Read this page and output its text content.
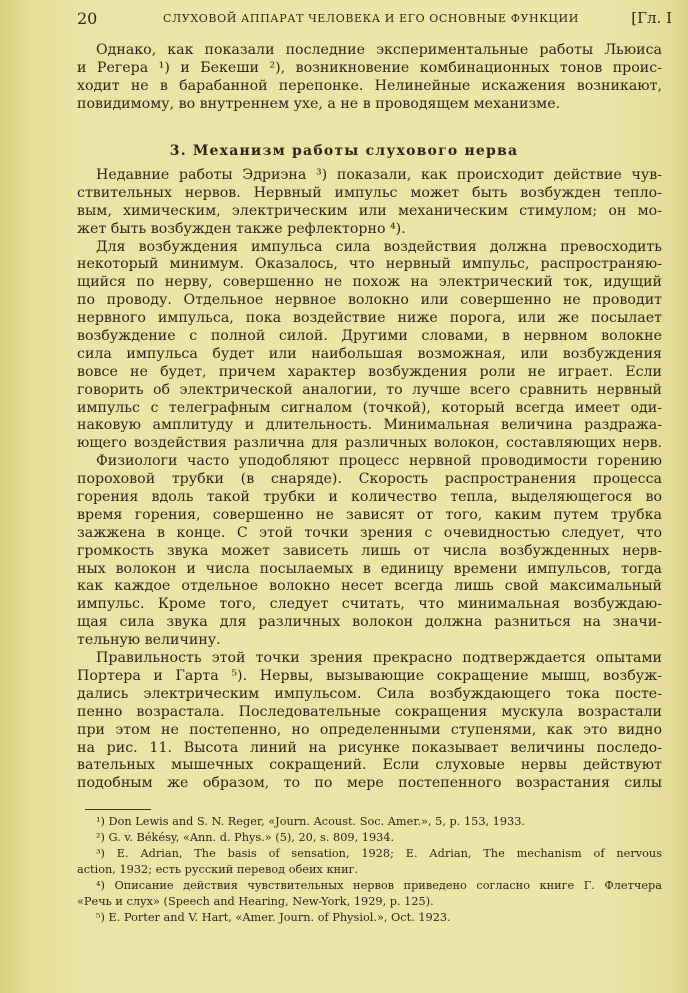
20	СЛУХОВОЙ АППАРАТ ЧЕЛОВЕКА И ЕГО ОСНОВНЫЕ ФУНКЦИИ	[Гл. I
Однако, как показали последние экспериментальные работы Льюиса
и Регера ¹) и Бекеши ²), возникновение комбинационных тонов проис-
ходит не в барабанной перепонке. Нелинейные искажения возникают,
повидимому, во внутреннем ухе, а не в проводящем механизме.
3. Механизм работы слухового нерва
Недавние работы Эдриэна ³) показали, как происходит действие чув-
ствительных нервов. Нервный импульс может быть возбужден тепло-
вым, химическим, электрическим или механическим стимулом; он мо-
жет быть возбужден также рефлекторно ⁴).
Для возбуждения импульса сила воздействия должна превосходить
некоторый минимум. Оказалось, что нервный импульс, распространяю-
щийся по нерву, совершенно не похож на электрический ток, идущий
по проводу. Отдельное нервное волокно или совершенно не проводит
нервного импульса, пока воздействие ниже порога, или же посылает
возбуждение с полной силой. Другими словами, в нервном волокне
сила импульса будет или наибольшая возможная, или возбуждения
вовсе не будет, причем характер возбуждения роли не играет. Если
говорить об электрической аналогии, то лучше всего сравнить нервный
импульс с телеграфным сигналом (точкой), который всегда имеет оди-
наковую амплитуду и длительность. Минимальная величина раздража-
ющего воздействия различна для различных волокон, составляющих нерв.
Физиологи часто уподобляют процесс нервной проводимости горению
пороховой трубки (в снаряде). Скорость распространения процесса
горения вдоль такой трубки и количество тепла, выделяющегося во
время горения, совершенно не зависят от того, каким путем трубка
зажжена в конце. С этой точки зрения с очевидностью следует, что
громкость звука может зависеть лишь от числа возбужденных нерв-
ных волокон и числа посылаемых в единицу времени импульсов, тогда
как каждое отдельное волокно несет всегда лишь свой максимальный
импульс. Кроме того, следует считать, что минимальная возбуждаю-
щая сила звука для различных волокон должна разниться на значи-
тельную величину.
Правильность этой точки зрения прекрасно подтверждается опытами
Портера и Гарта ⁵). Нервы, вызывающие сокращение мышц, возбуж-
дались электрическим импульсом. Сила возбуждающего тока посте-
пенно возрастала. Последовательные сокращения мускула возрастали
при этом не постепенно, но определенными ступенями, как это видно
на рис. 11. Высота линий на рисунке показывает величины последо-
вательных мышечных сокращений. Если слуховые нервы действуют
подобным же образом, то по мере постепенного возрастания силы
¹) Don Lewis and S. N. Reger, «Journ. Acoust. Soc. Amer.», 5, p. 153, 1933.
²) G. v. Békésy, «Ann. d. Phys.» (5), 20, s. 809, 1934.
³) E. Adrian, The basis of sensation, 1928; E. Adrian, The mechanism of nervous
action, 1932; есть русский перевод обеих книг.
⁴) Описание действия чувствительных нервов приведено согласно книге Г. Флетчера
«Речь и слух» (Speech and Hearing, New-York, 1929, p. 125).
⁵) E. Porter and V. Hart, «Amer. Journ. of Physiol.», Oct. 1923.
